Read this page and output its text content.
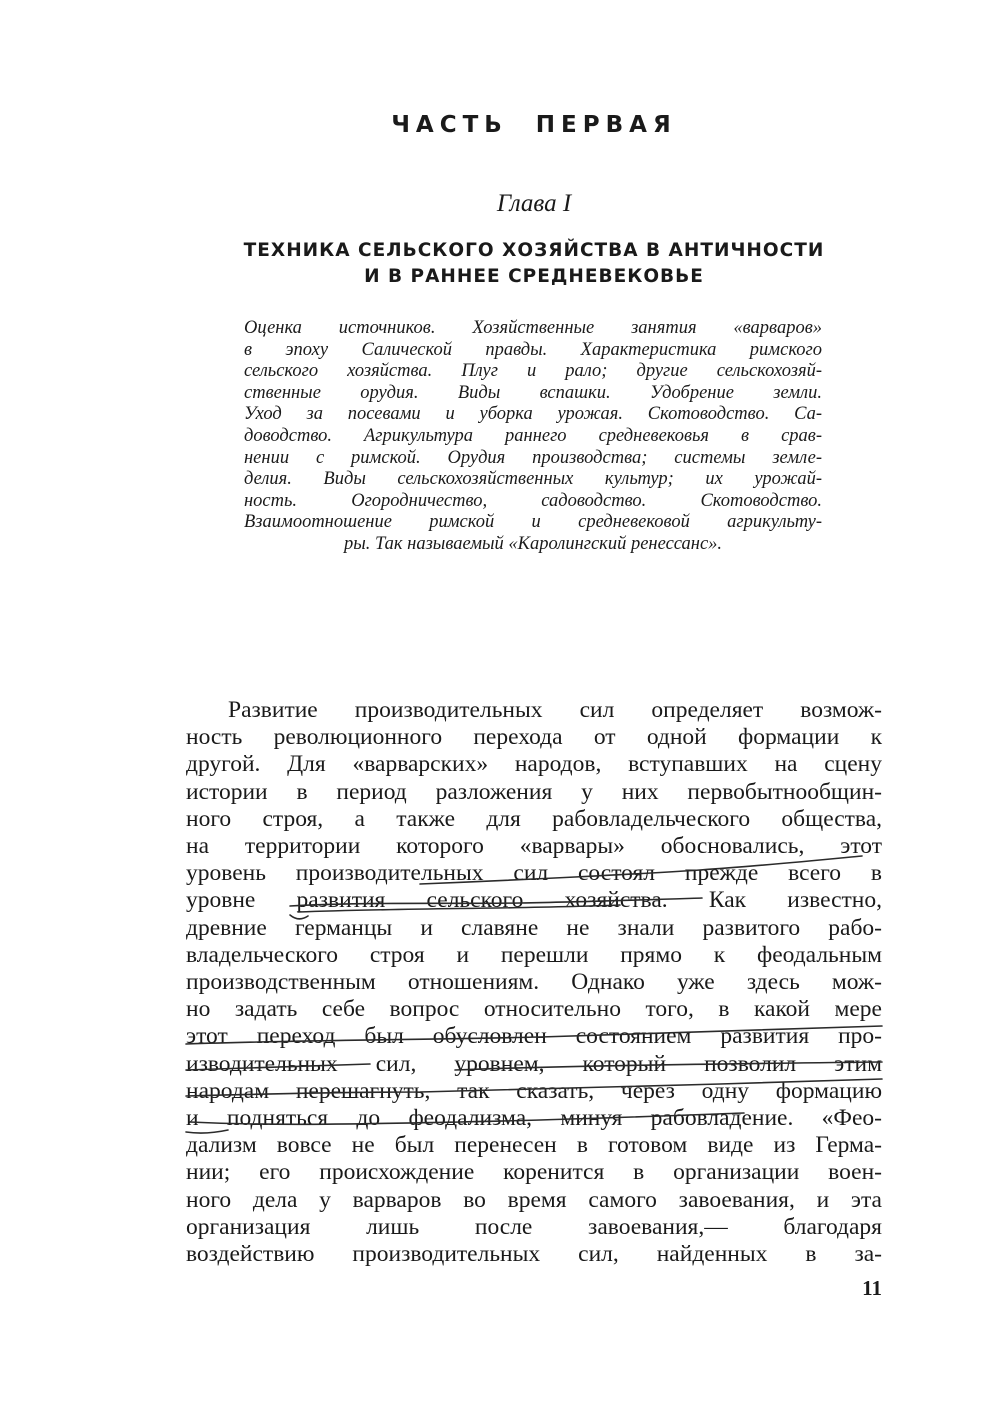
ЧАСТЬ ПЕРВАЯ
Глава I
ТЕХНИКА СЕЛЬСКОГО ХОЗЯЙСТВА В АНТИЧНОСТИ
И В РАННЕЕ СРЕДНЕВЕКОВЬЕ
Оценка источников. Хозяйственные занятия «варваров»
в эпоху Салической правды. Характеристика римского
сельского хозяйства. Плуг и рало; другие сельскохозяй-
ственные орудия. Виды вспашки. Удобрение земли.
Уход за посевами и уборка урожая. Скотоводство. Са-
доводство. Агрикультура раннего средневековья в срав-
нении с римской. Орудия производства; системы земле-
делия. Виды сельскохозяйственных культур; их урожай-
ность. Огородничество, садоводство. Скотоводство.
Взаимоотношение римской и средневековой агрикульту-
ры. Так называемый «Каролингский ренессанс».
Развитие производительных сил определяет возмож-
ность революционного перехода от одной формации к
другой. Для «варварских» народов, вступавших на сцену
истории в период разложения у них первобытнообщин-
ного строя, а также для рабовладельческого общества,
на территории которого «варвары» обосновались, этот
уровень производительных сил состоял прежде всего в
уровне развития сельского хозяйства. Как известно,
древние германцы и славяне не знали развитого рабо-
владельческого строя и перешли прямо к феодальным
производственным отношениям. Однако уже здесь мож-
но задать себе вопрос относительно того, в какой мере
этот переход был обусловлен состоянием развития про-
изводительных сил, уровнем, который позволил этим
народам перешагнуть, так сказать, через одну формацию
и подняться до феодализма, минуя рабовладение. «Фео-
дализм вовсе не был перенесен в готовом виде из Герма-
нии; его происхождение коренится в организации воен-
ного дела у варваров во время самого завоевания, и эта
организация лишь после завоевания,— благодаря
воздействию производительных сил, найденных в за-
11
